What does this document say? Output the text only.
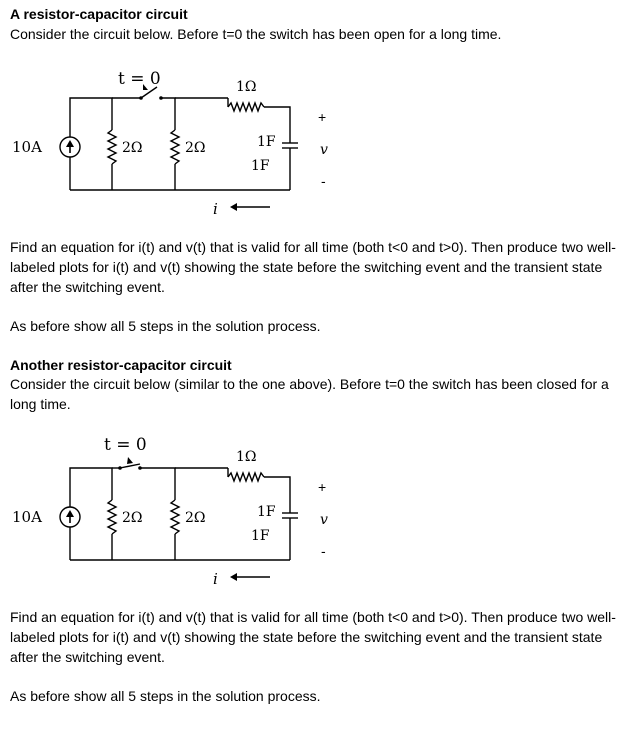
A resistor-capacitor circuit
Consider the circuit below. Before t=0 the switch has been open for a long time.
t = 0
10A	2Ω	2Ω
1Ω
1F
1F
+
v
-
i
Find an equation for i(t) and v(t) that is valid for all time (both t<0 and t>0). Then produce two well-labeled plots for i(t) and v(t) showing the state before the switching event and the transient state after the switching event.
As before show all 5 steps in the solution process.
Another resistor-capacitor circuit
Consider the circuit below (similar to the one above). Before t=0 the switch has been closed for a long time.
t = 0
10A	2Ω	2Ω
1Ω
1F
1F
+
v
-
i
Find an equation for i(t) and v(t) that is valid for all time (both t<0 and t>0). Then produce two well-labeled plots for i(t) and v(t) showing the state before the switching event and the transient state after the switching event.
As before show all 5 steps in the solution process.
